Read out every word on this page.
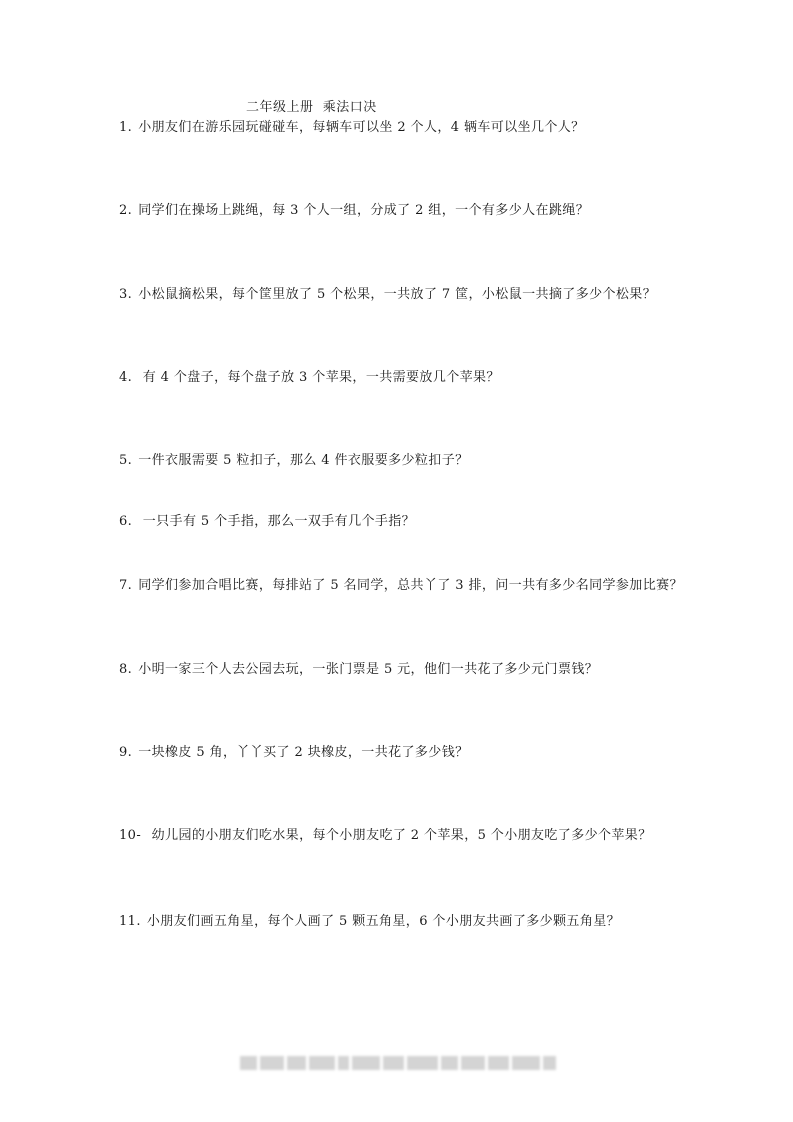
二年级上册  乘法口决
1. 小朋友们在游乐园玩碰碰车，每辆车可以坐 2 个人，4 辆车可以坐几个人？
2. 同学们在操场上跳绳，每 3 个人一组，分成了 2 组，一个有多少人在跳绳？
3. 小松鼠摘松果，每个筐里放了 5 个松果，一共放了 7 筐，小松鼠一共摘了多少个松果？
4. 有 4 个盘子，每个盘子放 3 个苹果，一共需要放几个苹果？
5. 一件衣服需要 5 粒扣子，那么 4 件衣服要多少粒扣子？
6. 一只手有 5 个手指，那么一双手有几个手指？
7. 同学们参加合唱比赛，每排站了 5 名同学，总共丫了 3 排，问一共有多少名同学参加比赛？
8. 小明一家三个人去公园去玩，一张门票是 5 元，他们一共花了多少元门票钱？
9. 一块橡皮 5 角，丫丫买了 2 块橡皮，一共花了多少钱？
10- 幼儿园的小朋友们吃水果，每个小朋友吃了 2 个苹果，5 个小朋友吃了多少个苹果？
11. 小朋友们画五角星，每个人画了 5 颗五角星，6 个小朋友共画了多少颗五角星？
